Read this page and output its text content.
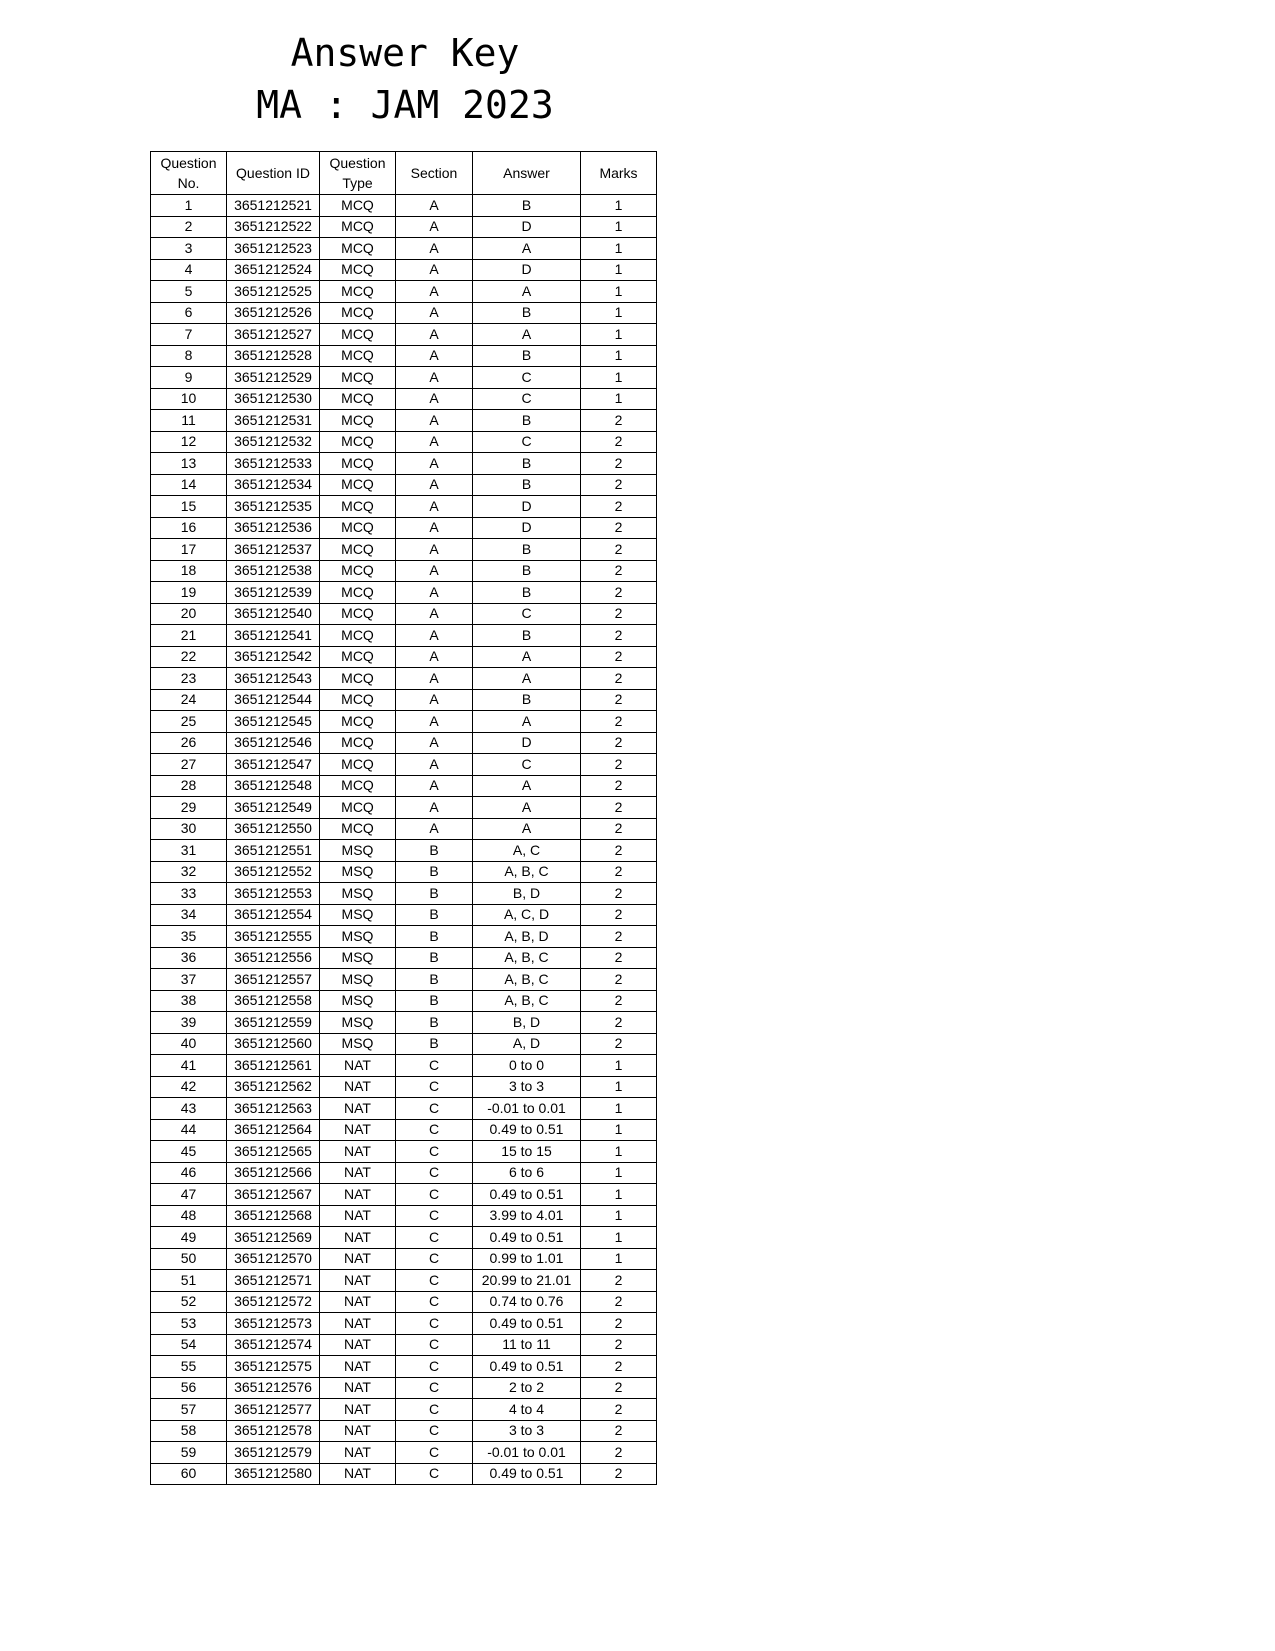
Answer Key
MA : JAM 2023
Question No.	Question ID	Question Type	Section	Answer	Marks
1	3651212521	MCQ	A	B	1
2	3651212522	MCQ	A	D	1
3	3651212523	MCQ	A	A	1
4	3651212524	MCQ	A	D	1
5	3651212525	MCQ	A	A	1
6	3651212526	MCQ	A	B	1
7	3651212527	MCQ	A	A	1
8	3651212528	MCQ	A	B	1
9	3651212529	MCQ	A	C	1
10	3651212530	MCQ	A	C	1
11	3651212531	MCQ	A	B	2
12	3651212532	MCQ	A	C	2
13	3651212533	MCQ	A	B	2
14	3651212534	MCQ	A	B	2
15	3651212535	MCQ	A	D	2
16	3651212536	MCQ	A	D	2
17	3651212537	MCQ	A	B	2
18	3651212538	MCQ	A	B	2
19	3651212539	MCQ	A	B	2
20	3651212540	MCQ	A	C	2
21	3651212541	MCQ	A	B	2
22	3651212542	MCQ	A	A	2
23	3651212543	MCQ	A	A	2
24	3651212544	MCQ	A	B	2
25	3651212545	MCQ	A	A	2
26	3651212546	MCQ	A	D	2
27	3651212547	MCQ	A	C	2
28	3651212548	MCQ	A	A	2
29	3651212549	MCQ	A	A	2
30	3651212550	MCQ	A	A	2
31	3651212551	MSQ	B	A, C	2
32	3651212552	MSQ	B	A, B, C	2
33	3651212553	MSQ	B	B, D	2
34	3651212554	MSQ	B	A, C, D	2
35	3651212555	MSQ	B	A, B, D	2
36	3651212556	MSQ	B	A, B, C	2
37	3651212557	MSQ	B	A, B, C	2
38	3651212558	MSQ	B	A, B, C	2
39	3651212559	MSQ	B	B, D	2
40	3651212560	MSQ	B	A, D	2
41	3651212561	NAT	C	0 to 0	1
42	3651212562	NAT	C	3 to 3	1
43	3651212563	NAT	C	-0.01 to 0.01	1
44	3651212564	NAT	C	0.49 to 0.51	1
45	3651212565	NAT	C	15 to 15	1
46	3651212566	NAT	C	6 to 6	1
47	3651212567	NAT	C	0.49 to 0.51	1
48	3651212568	NAT	C	3.99 to 4.01	1
49	3651212569	NAT	C	0.49 to 0.51	1
50	3651212570	NAT	C	0.99 to 1.01	1
51	3651212571	NAT	C	20.99 to 21.01	2
52	3651212572	NAT	C	0.74 to 0.76	2
53	3651212573	NAT	C	0.49 to 0.51	2
54	3651212574	NAT	C	11 to 11	2
55	3651212575	NAT	C	0.49 to 0.51	2
56	3651212576	NAT	C	2 to 2	2
57	3651212577	NAT	C	4 to 4	2
58	3651212578	NAT	C	3 to 3	2
59	3651212579	NAT	C	-0.01 to 0.01	2
60	3651212580	NAT	C	0.49 to 0.51	2
